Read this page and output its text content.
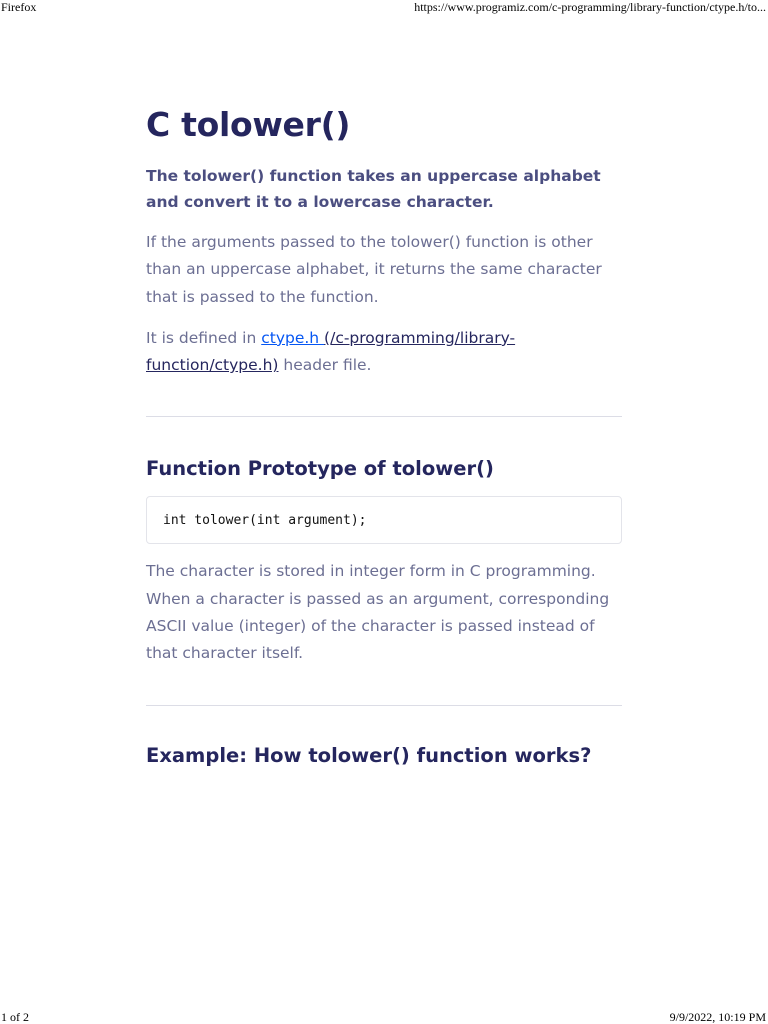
Firefox	https://www.programiz.com/c-programming/library-function/ctype.h/to...
C tolower()

The tolower() function takes an uppercase alphabet and convert it to a lowercase character.

If the arguments passed to the tolower() function is other than an uppercase alphabet, it returns the same character that is passed to the function.

It is defined in ctype.h (/c-programming/library-function/ctype.h) header file.

Function Prototype of tolower()
int tolower(int argument);

The character is stored in integer form in C programming. When a character is passed as an argument, corresponding ASCII value (integer) of the character is passed instead of that character itself.

Example: How tolower() function works?
1 of 2	9/9/2022, 10:19 PM
